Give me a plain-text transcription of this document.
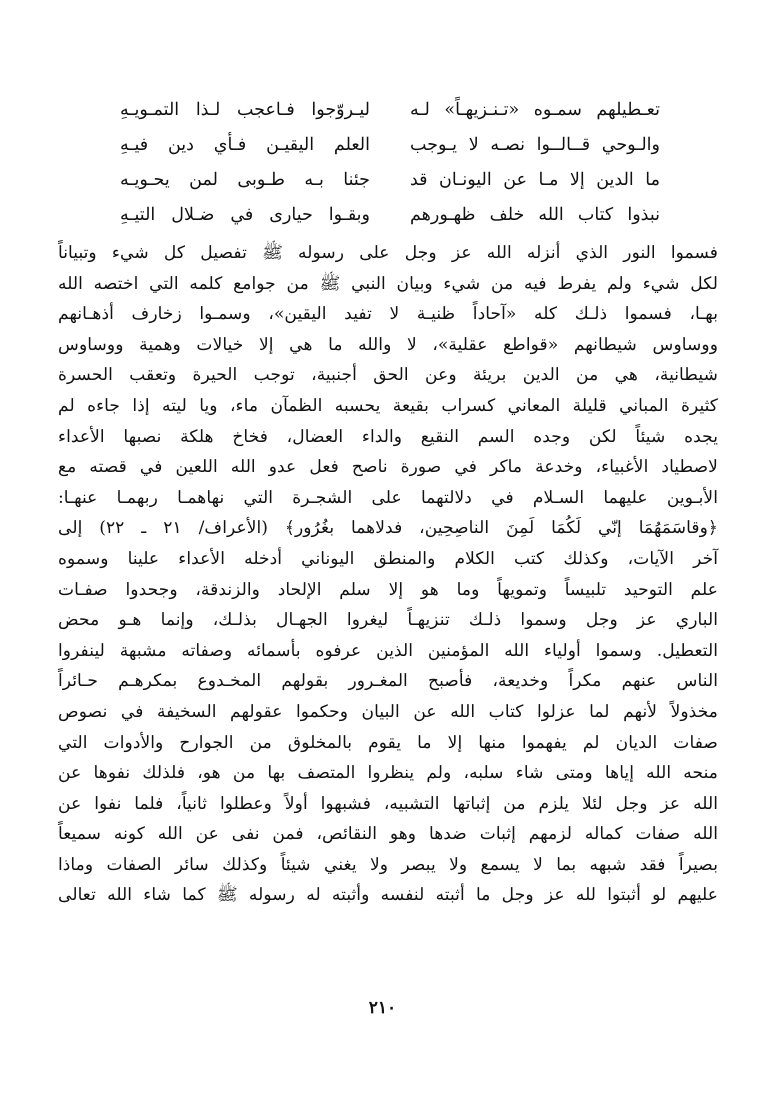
تعـطيلهم سمـوه «تـنـزيهـاً» لـه
ليـروّجوا فـاعجب لـذا التمـويـهِ
والـوحي قــالــوا نصـه لا يـوجب
العلم اليقيـن فـأي دين فيـهِ
ما الدين إلا مـا عن اليونـان قد
جئنا بـه طـوبى لمن يحـويـه
نبذوا كتاب الله خلف ظهـورهم
وبقـوا حيارى في ضـلال التيـهِ
فسموا النور الذي أنزله الله عز وجل على رسوله ﷺ تفصيل كل شيء وتبياناً
لكل شيء ولم يفرط فيه من شيء وبيان النبي ﷺ من جوامع كلمه التي اختصه الله
بهـا، فسموا ذلـك كله «آحاداً ظنيـة لا تفيد اليقين»، وسمـوا زخارف أذهـانهم
ووساوس شيطانهم «قواطع عقلية»، لا والله ما هي إلا خيالات وهمية ووساوس
شيطانية، هي من الدين بريئة وعن الحق أجنبية، توجب الحيرة وتعقب الحسرة
كثيرة المباني قليلة المعاني كسراب بقيعة يحسبه الظمآن ماء، ويا ليته إذا جاءه لم
يجده شيئاً لكن وجده السم النقيع والداء العضال، فخاخ هلكة نصبها الأعداء
لاصطياد الأغبياء، وخدعة ماكر في صورة ناصح فعل عدو الله اللعين في قصته مع
الأبـوين عليهما السـلام في دلالتهما على الشجـرة التي نهاهمـا ربهمـا عنهـا:
﴿وقاسَمَهُمَا إنّي لَكُمَا لَمِنَ الناصِحِين، فدلاهما بغُرُور﴾ (الأعراف/ ٢١ ـ ٢٢) إلى
آخر الآيات، وكذلك كتب الكلام والمنطق اليوناني أدخله الأعداء علينا وسموه
علم التوحيد تلبيساً وتمويهاً وما هو إلا سلم الإلحاد والزندقة، وجحدوا صفـات
الباري عز وجل وسموا ذلـك تنزيهـاً ليغروا الجهـال بذلـك، وإنما هـو محض
التعطيل. وسموا أولياء الله المؤمنين الذين عرفوه بأسمائه وصفاته مشبهة لينفروا
الناس عنهم مكراً وخديعة، فأصبح المغـرور بقولهم المخـدوع بمكرهـم حـائراً
مخذولاً لأنهم لما عزلوا كتاب الله عن البيان وحكموا عقولهم السخيفة في نصوص
صفات الديان لم يفهموا منها إلا ما يقوم بالمخلوق من الجوارح والأدوات التي
منحه الله إياها ومتى شاء سلبه، ولم ينظروا المتصف بها من هو، فلذلك نفوها عن
الله عز وجل لئلا يلزم من إثباتها التشبيه، فشبهوا أولاً وعطلوا ثانياً، فلما نفوا عن
الله صفات كماله لزمهم إثبات ضدها وهو النقائص، فمن نفى عن الله كونه سميعاً
بصيراً فقد شبهه بما لا يسمع ولا يبصر ولا يغني شيئاً وكذلك سائر الصفات وماذا
عليهم لو أثبتوا لله عز وجل ما أثبته لنفسه وأثبته له رسوله ﷺ كما شاء الله تعالى
٢١٠
